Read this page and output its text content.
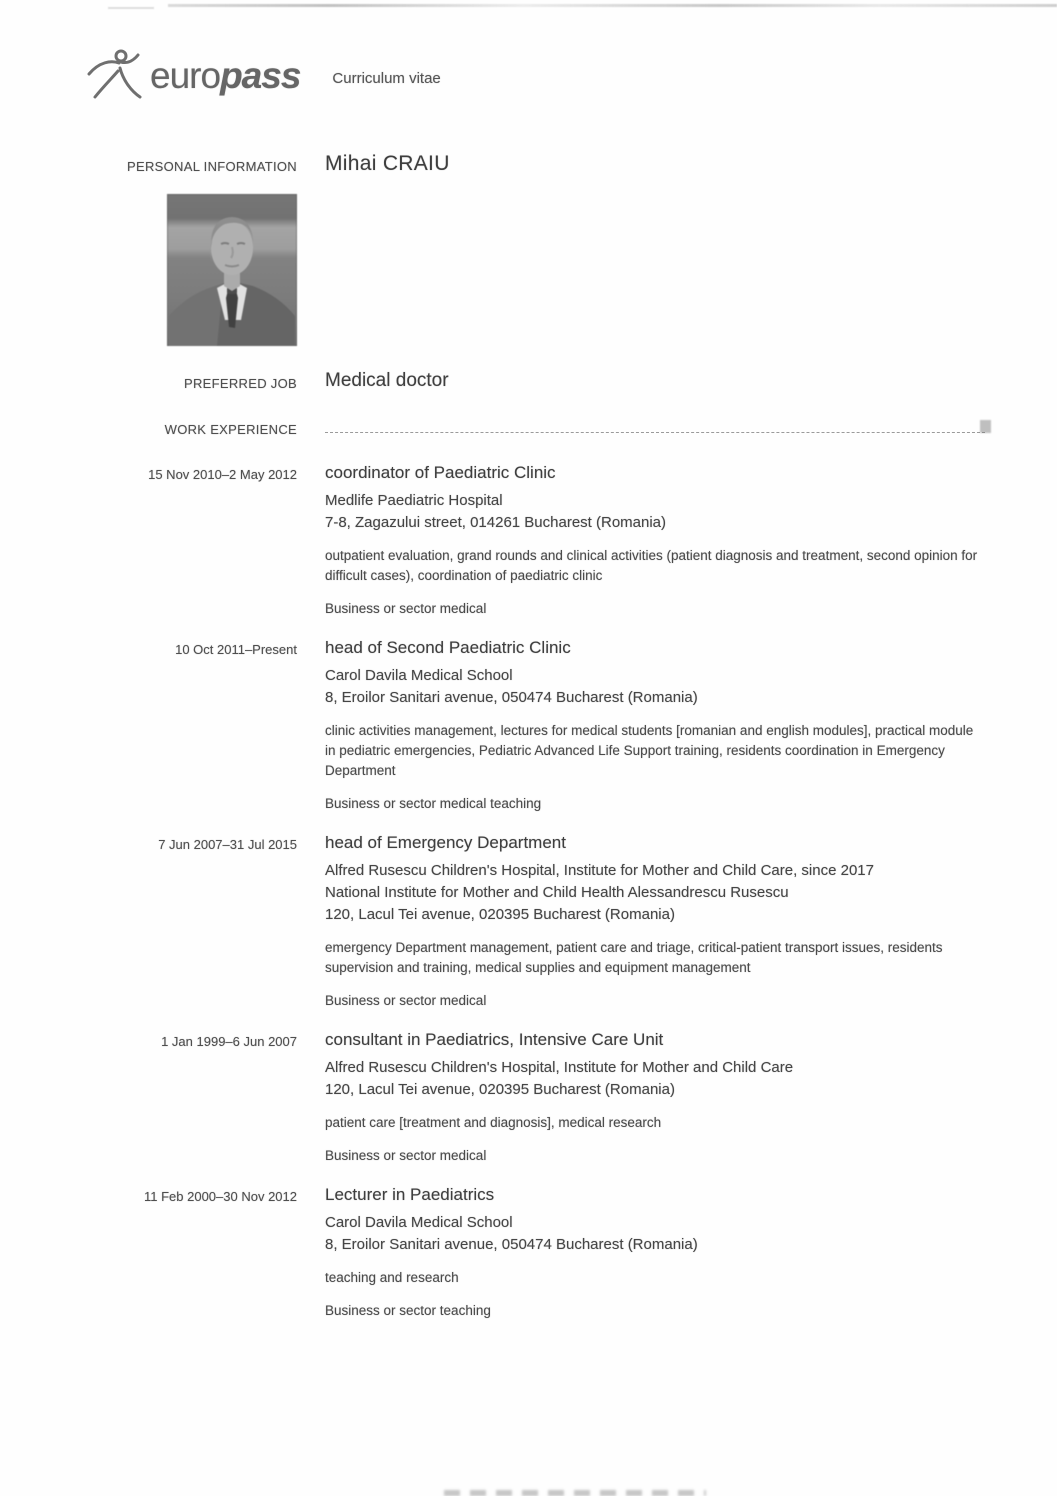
europass Curriculum vitae
PERSONAL INFORMATION Mihai CRAIU
PREFERRED JOB Medical doctor
WORK EXPERIENCE
15 Nov 2010–2 May 2012 coordinator of Paediatric Clinic
Medlife Paediatric Hospital
7-8, Zagazului street, 014261 Bucharest (Romania)
outpatient evaluation, grand rounds and clinical activities (patient diagnosis and treatment, second opinion for difficult cases), coordination of paediatric clinic
Business or sector medical
10 Oct 2011–Present head of Second Paediatric Clinic
Carol Davila Medical School
8, Eroilor Sanitari avenue, 050474 Bucharest (Romania)
clinic activities management, lectures for medical students [romanian and english modules], practical module in pediatric emergencies, Pediatric Advanced Life Support training, residents coordination in Emergency Department
Business or sector medical teaching
7 Jun 2007–31 Jul 2015 head of Emergency Department
Alfred Rusescu Children's Hospital, Institute for Mother and Child Care, since 2017
National Institute for Mother and Child Health Alessandrescu Rusescu
120, Lacul Tei avenue, 020395 Bucharest (Romania)
emergency Department management, patient care and triage, critical-patient transport issues, residents supervision and training, medical supplies and equipment management
Business or sector medical
1 Jan 1999–6 Jun 2007 consultant in Paediatrics, Intensive Care Unit
Alfred Rusescu Children's Hospital, Institute for Mother and Child Care
120, Lacul Tei avenue, 020395 Bucharest (Romania)
patient care [treatment and diagnosis], medical research
Business or sector medical
11 Feb 2000–30 Nov 2012 Lecturer in Paediatrics
Carol Davila Medical School
8, Eroilor Sanitari avenue, 050474 Bucharest (Romania)
teaching and research
Business or sector teaching
